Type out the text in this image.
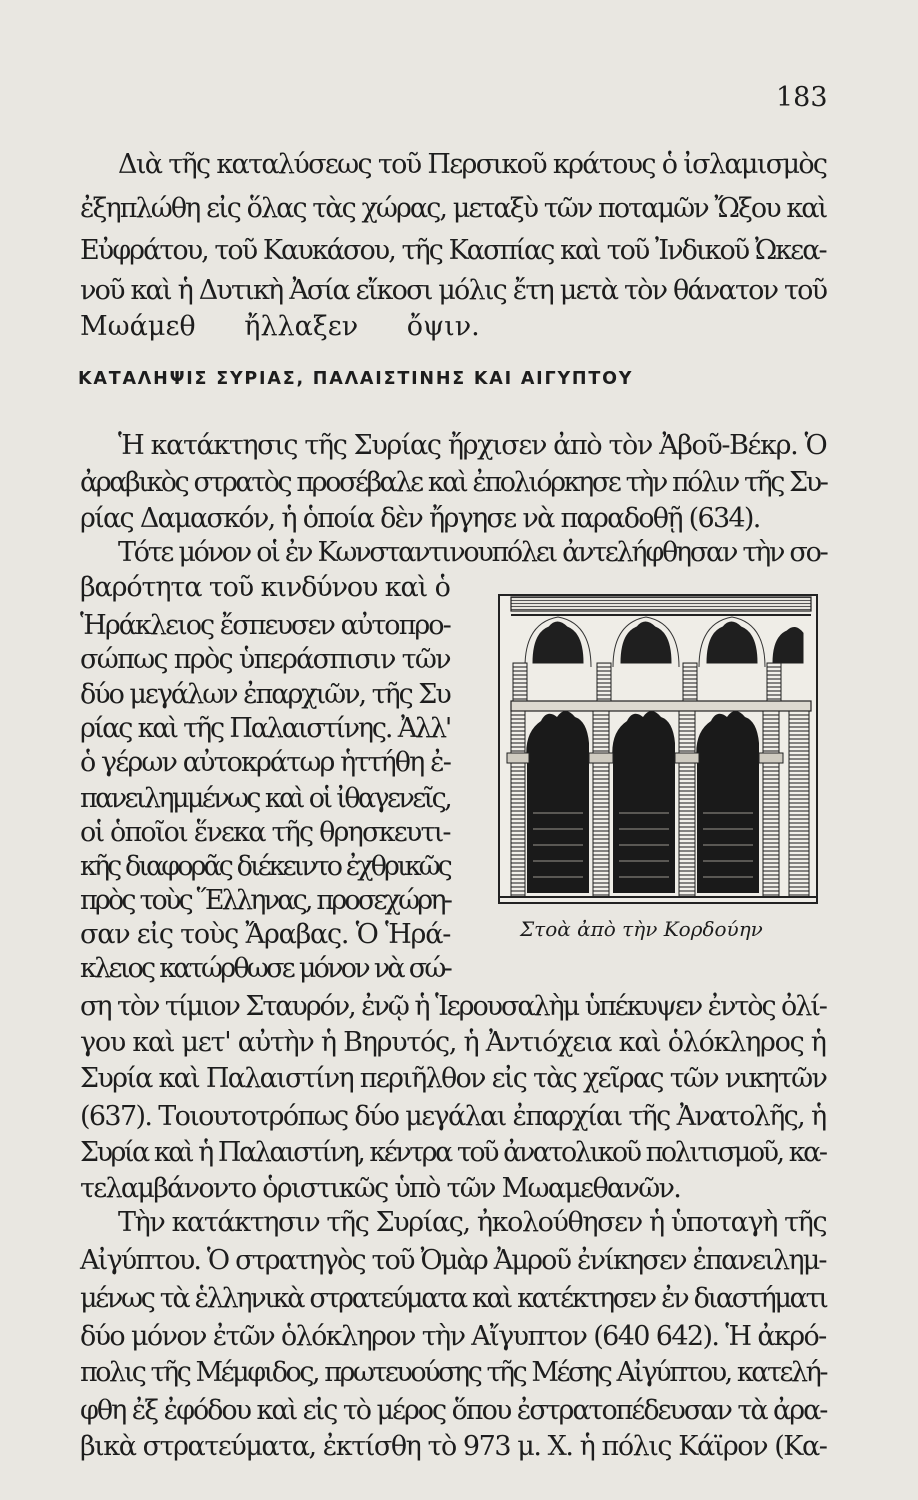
183
Διὰ τῆς καταλύσεως τοῦ Περσικοῦ κράτους ὁ ἰσλαμισμὸς
ἐξηπλώθη εἰς ὅλας τὰς χώρας, μεταξὺ τῶν ποταμῶν Ὤξου καὶ
Εὐφράτου, τοῦ Καυκάσου, τῆς Κασπίας καὶ τοῦ Ἰνδικοῦ Ὠκεα-
νοῦ καὶ ἡ Δυτικὴ Ἀσία εἴκοσι μόλις ἔτη μετὰ τὸν θάνατον τοῦ
Μωάμεθ ἤλλαξεν ὄψιν.
ΚΑΤΑΛΗΨΙΣ ΣΥΡΙΑΣ, ΠΑΛΑΙΣΤΙΝΗΣ ΚΑΙ ΑΙΓΥΠΤΟΥ
Ἡ κατάκτησις τῆς Συρίας ἤρχισεν ἀπὸ τὸν Ἀβοῦ-Βέκρ. Ὁ
ἀραβικὸς στρατὸς προσέβαλε καὶ ἐπολιόρκησε τὴν πόλιν τῆς Συ-
ρίας Δαμασκόν, ἡ ὁποία δὲν ἤργησε νὰ παραδοθῇ (634).
Τότε μόνον οἱ ἐν Κωνσταντινουπόλει ἀντελήφθησαν τὴν σο-
βαρότητα τοῦ κινδύνου καὶ ὁ
Ἡράκλειος ἔσπευσεν αὐτοπρο-
σώπως πρὸς ὑπεράσπισιν τῶν
δύο μεγάλων ἐπαρχιῶν, τῆς Συ
ρίας καὶ τῆς Παλαιστίνης. Ἀλλ'
ὁ γέρων αὐτοκράτωρ ἡττήθη ἐ-
πανειλημμένως καὶ οἱ ἰθαγενεῖς,
οἱ ὁποῖοι ἕνεκα τῆς θρησκευτι-
κῆς διαφορᾶς διέκειντο ἐχθρικῶς
πρὸς τοὺς Ἕλληνας, προσεχώρη-
σαν εἰς τοὺς Ἄραβας. Ὁ Ἡρά-
κλειος κατώρθωσε μόνον νὰ σώ-
ση τὸν τίμιον Σταυρόν, ἐνῷ ἡ Ἱερουσαλὴμ ὑπέκυψεν ἐντὸς ὀλί-
γου καὶ μετ' αὐτὴν ἡ Βηρυτός, ἡ Ἀντιόχεια καὶ ὁλόκληρος ἡ
Συρία καὶ Παλαιστίνη περιῆλθον εἰς τὰς χεῖρας τῶν νικητῶν
(637). Τοιουτοτρόπως δύο μεγάλαι ἐπαρχίαι τῆς Ἀνατολῆς, ἡ
Συρία καὶ ἡ Παλαιστίνη, κέντρα τοῦ ἀνατολικοῦ πολιτισμοῦ, κα-
τελαμβάνοντο ὁριστικῶς ὑπὸ τῶν Μωαμεθανῶν.
Τὴν κατάκτησιν τῆς Συρίας, ἠκολούθησεν ἡ ὑποταγὴ τῆς
Αἰγύπτου. Ὁ στρατηγὸς τοῦ Ὀμὰρ Ἀμροῦ ἐνίκησεν ἐπανειλημ-
μένως τὰ ἑλληνικὰ στρατεύματα καὶ κατέκτησεν ἐν διαστήματι
δύο μόνον ἐτῶν ὁλόκληρον τὴν Αἴγυπτον (640 642). Ἡ ἀκρό-
πολις τῆς Μέμφιδος, πρωτευούσης τῆς Μέσης Αἰγύπτου, κατελή-
φθη ἐξ ἐφόδου καὶ εἰς τὸ μέρος ὅπου ἐστρατοπέδευσαν τὰ ἀρα-
βικὰ στρατεύματα, ἐκτίσθη τὸ 973 μ. Χ. ἡ πόλις Κάϊρον (Κα-
Στοὰ ἀπὸ τὴν Κορδούην
